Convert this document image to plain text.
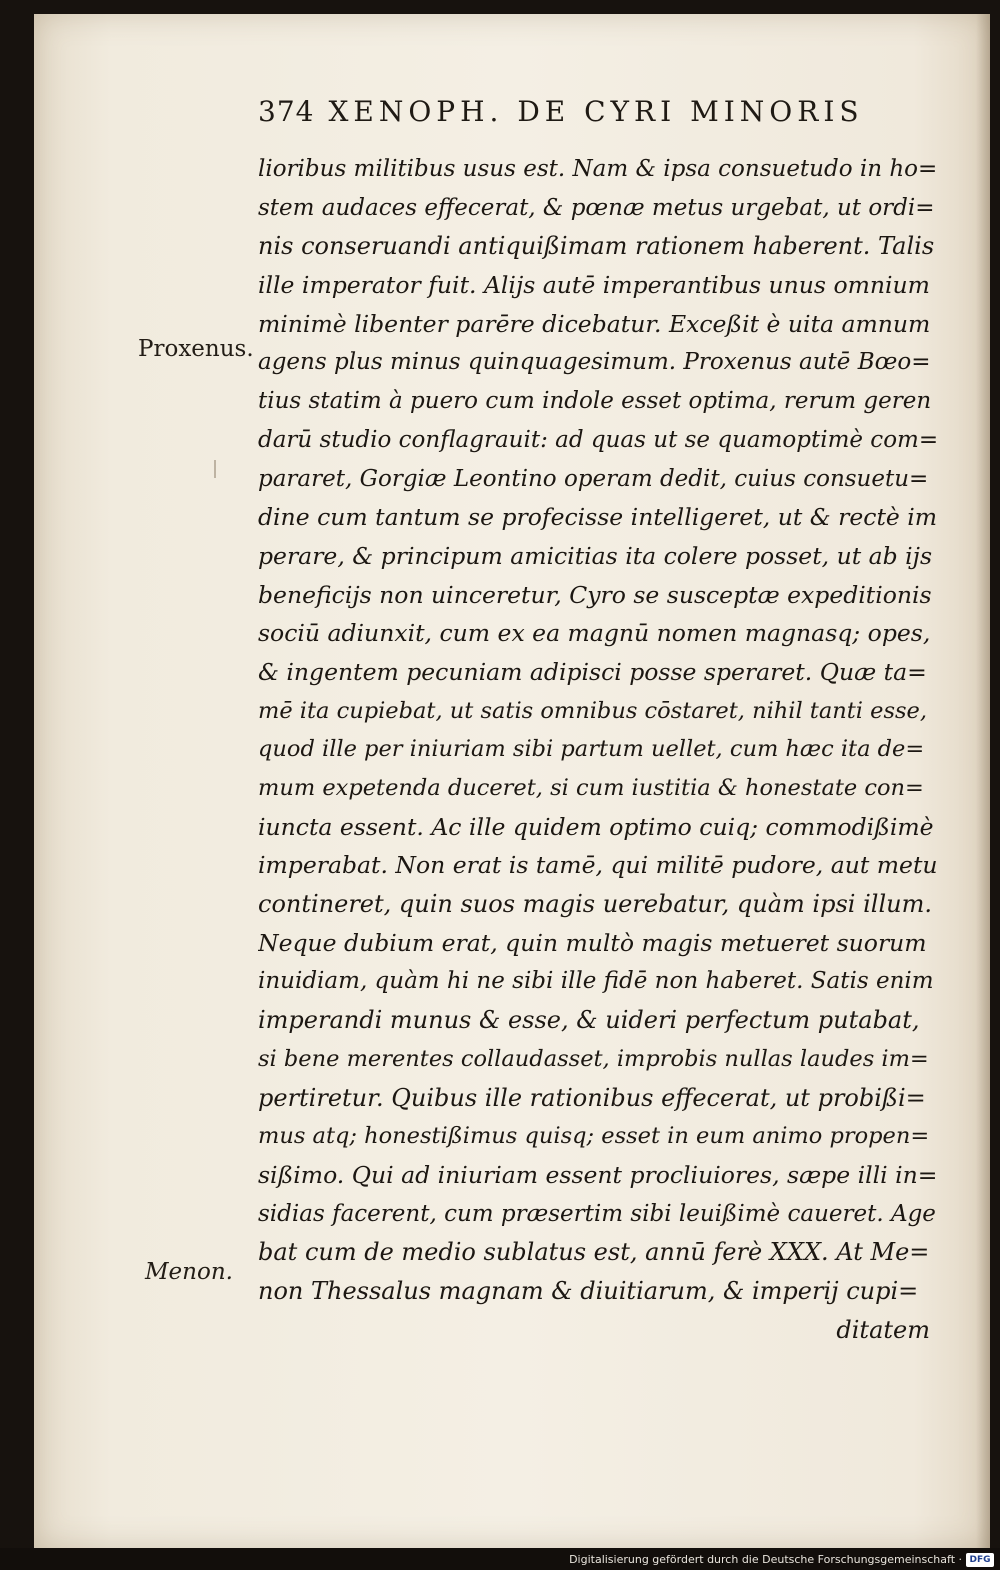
374 XENOPH. DE CYRI MINORIS
Proxenus.
Menon.
lioribus militibus usus est. Nam & ipsa consuetudo in ho=
stem audaces effecerat, & pœnæ metus urgebat, ut ordi=
nis conseruandi antiquißimam rationem haberent. Talis
ille imperator fuit. Alijs autē imperantibus unus omnium
minimè libenter parēre dicebatur. Exceßit è uita amnum
agens plus minus quinquagesimum. Proxenus autē Bœo=
tius statim à puero cum indole esset optima, rerum geren
darū studio conflagrauit: ad quas ut se quamoptimè com=
pararet, Gorgiæ Leontino operam dedit, cuius consuetu=
dine cum tantum se profecisse intelligeret, ut & rectè im
perare, & principum amicitias ita colere posset, ut ab ijs
beneficijs non uinceretur, Cyro se susceptæ expeditionis
sociū adiunxit, cum ex ea magnū nomen magnasq; opes,
& ingentem pecuniam adipisci posse speraret. Quæ ta=
mē ita cupiebat, ut satis omnibus cōstaret, nihil tanti esse,
quod ille per iniuriam sibi partum uellet, cum hæc ita de=
mum expetenda duceret, si cum iustitia & honestate con=
iuncta essent. Ac ille quidem optimo cuiq; commodißimè
imperabat. Non erat is tamē, qui militē pudore, aut metu
contineret, quin suos magis uerebatur, quàm ipsi illum.
Neque dubium erat, quin multò magis metueret suorum
inuidiam, quàm hi ne sibi ille fidē non haberet. Satis enim
imperandi munus & esse, & uideri perfectum putabat,
si bene merentes collaudasset, improbis nullas laudes im=
pertiretur. Quibus ille rationibus effecerat, ut probißi=
mus atq; honestißimus quisq; esset in eum animo propen=
sißimo. Qui ad iniuriam essent procliuiores, sæpe illi in=
sidias facerent, cum præsertim sibi leuißimè caueret. Age
bat cum de medio sublatus est, annū ferè XXX. At Me=
non Thessalus magnam & diuitiarum, & imperij cupi=
ditatem
Digitalisierung gefördert durch die Deutsche Forschungsgemeinschaft · DFG
